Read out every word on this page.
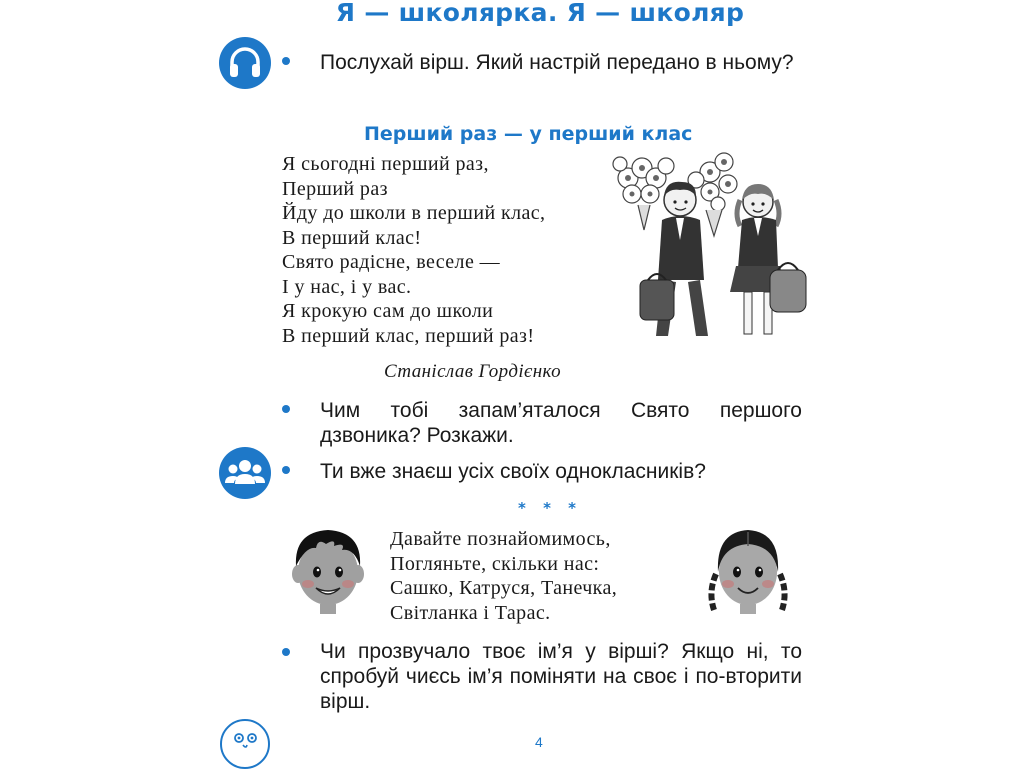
Я — школярка. Я — школяр
Послухай вірш. Який настрій передано в ньому?
Перший раз — у перший клас
Я сьогодні перший раз,
Перший раз
Йду до школи в перший клас,
В перший клас!
Свято радісне, веселе —
І у нас, і у вас.
Я крокую сам до школи
В перший клас, перший раз!
Станіслав Гордієнко
Чим тобі запам’яталося Свято першого дзвоника? Розкажи.
Ти вже знаєш усіх своїх однокласників?
* * *
Давайте познайомимось,
Погляньте, скільки нас:
Сашко, Катруся, Танечка,
Світланка і Тарас.
Чи прозвучало твоє ім’я у вірші? Якщо ні, то спробуй чиєсь ім’я поміняти на своє і по-вторити вірш.
4
